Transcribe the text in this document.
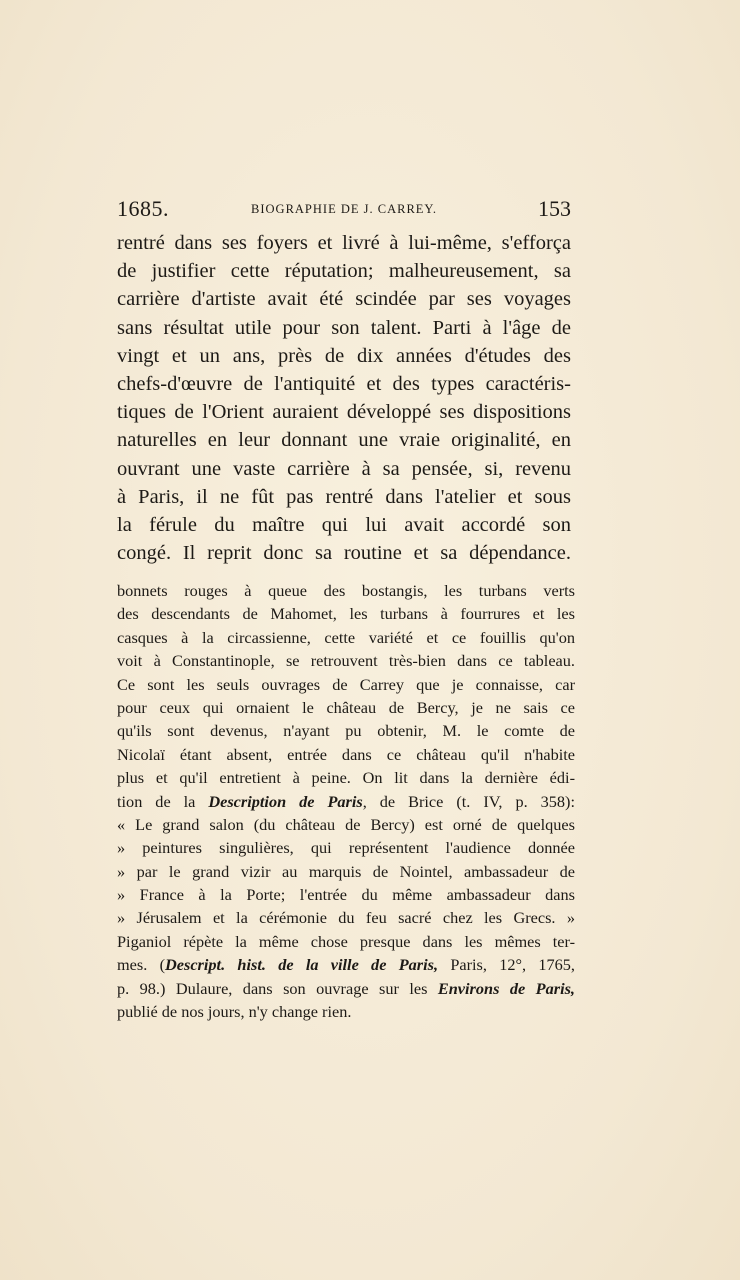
1685.	BIOGRAPHIE DE J. CARREY.	153
rentré dans ses foyers et livré à lui-même, s'efforça
de justifier cette réputation; malheureusement, sa
carrière d'artiste avait été scindée par ses voyages
sans résultat utile pour son talent. Parti à l'âge de
vingt et un ans, près de dix années d'études des
chefs-d'œuvre de l'antiquité et des types caractéris-
tiques de l'Orient auraient développé ses dispositions
naturelles en leur donnant une vraie originalité, en
ouvrant une vaste carrière à sa pensée, si, revenu
à Paris, il ne fût pas rentré dans l'atelier et sous
la férule du maître qui lui avait accordé son
congé. Il reprit donc sa routine et sa dépendance.
bonnets rouges à queue des bostangis, les turbans verts
des descendants de Mahomet, les turbans à fourrures et les
casques à la circassienne, cette variété et ce fouillis qu'on
voit à Constantinople, se retrouvent très-bien dans ce tableau.
Ce sont les seuls ouvrages de Carrey que je connaisse, car
pour ceux qui ornaient le château de Bercy, je ne sais ce
qu'ils sont devenus, n'ayant pu obtenir, M. le comte de
Nicolaï étant absent, entrée dans ce château qu'il n'habite
plus et qu'il entretient à peine. On lit dans la dernière édi-
tion de la Description de Paris, de Brice (t. IV, p. 358):
« Le grand salon (du château de Bercy) est orné de quelques
» peintures singulières, qui représentent l'audience donnée
» par le grand vizir au marquis de Nointel, ambassadeur de
» France à la Porte; l'entrée du même ambassadeur dans
» Jérusalem et la cérémonie du feu sacré chez les Grecs. »
Piganiol répète la même chose presque dans les mêmes ter-
mes. (Descript. hist. de la ville de Paris, Paris, 12°, 1765,
p. 98.) Dulaure, dans son ouvrage sur les Environs de Paris,
publié de nos jours, n'y change rien.
